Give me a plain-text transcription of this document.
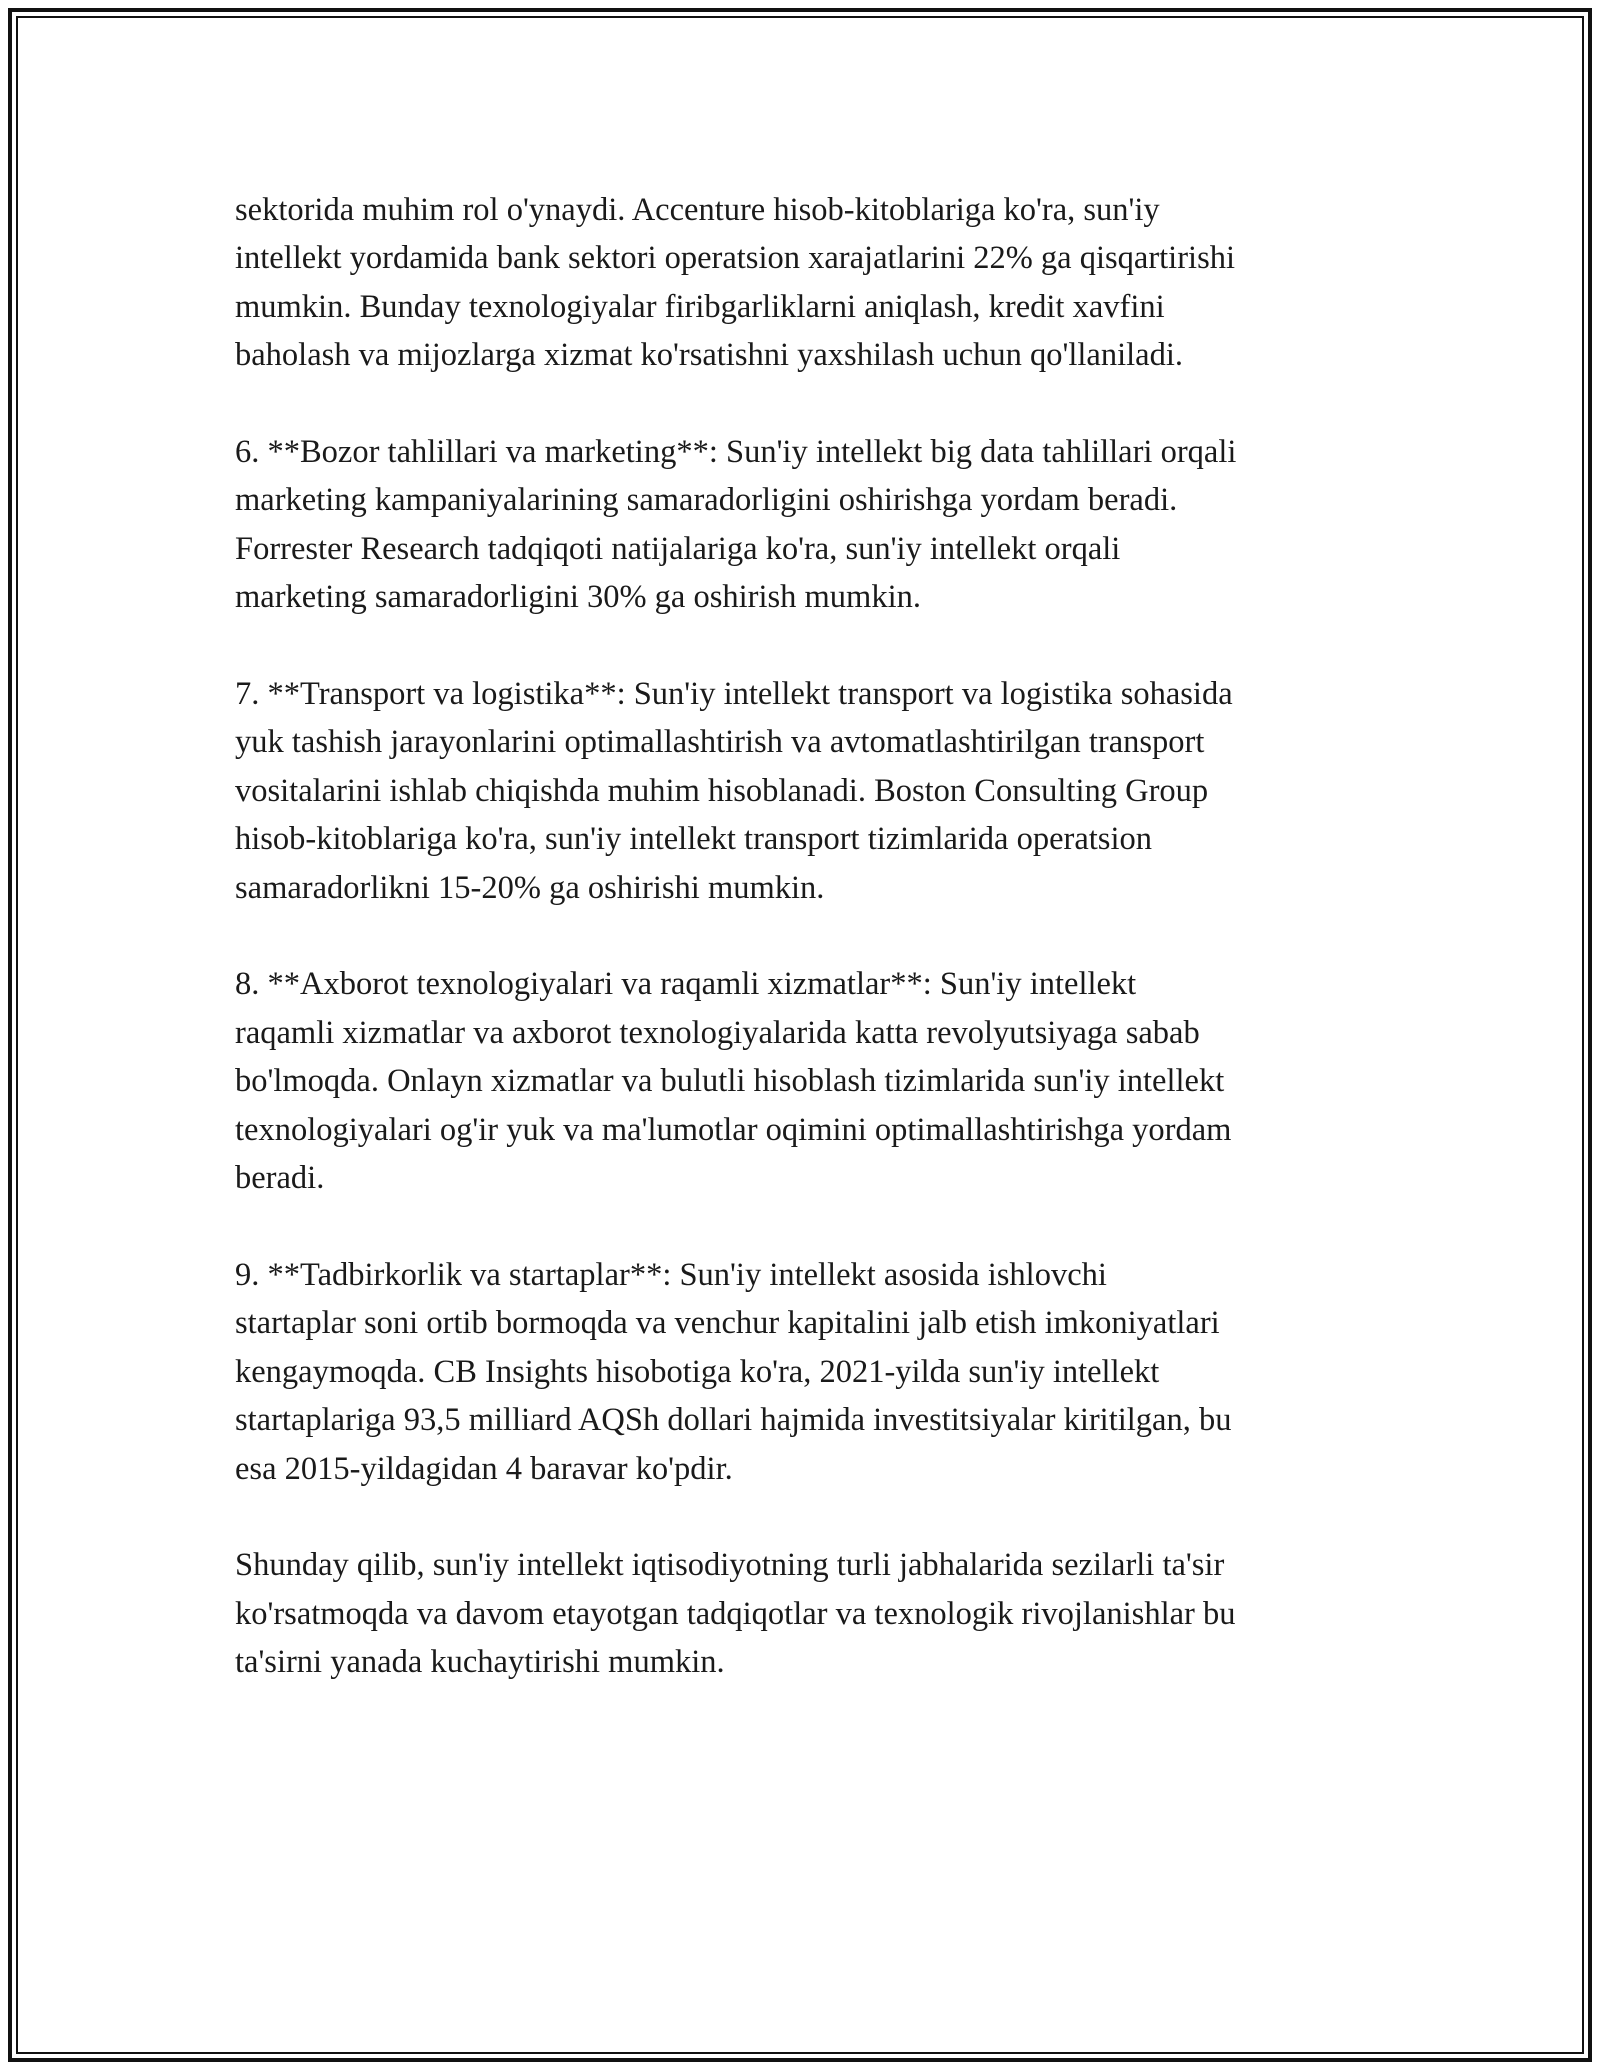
sektorida muhim rol o'ynaydi. Accenture hisob-kitoblariga ko'ra, sun'iy
intellekt yordamida bank sektori operatsion xarajatlarini 22% ga qisqartirishi
mumkin. Bunday texnologiyalar firibgarliklarni aniqlash, kredit xavfini
baholash va mijozlarga xizmat ko'rsatishni yaxshilash uchun qo'llaniladi.

6. **Bozor tahlillari va marketing**: Sun'iy intellekt big data tahlillari orqali
marketing kampaniyalarining samaradorligini oshirishga yordam beradi.
Forrester Research tadqiqoti natijalariga ko'ra, sun'iy intellekt orqali
marketing samaradorligini 30% ga oshirish mumkin.

7. **Transport va logistika**: Sun'iy intellekt transport va logistika sohasida
yuk tashish jarayonlarini optimallashtirish va avtomatlashtirilgan transport
vositalarini ishlab chiqishda muhim hisoblanadi. Boston Consulting Group
hisob-kitoblariga ko'ra, sun'iy intellekt transport tizimlarida operatsion
samaradorlikni 15-20% ga oshirishi mumkin.

8. **Axborot texnologiyalari va raqamli xizmatlar**: Sun'iy intellekt
raqamli xizmatlar va axborot texnologiyalarida katta revolyutsiyaga sabab
bo'lmoqda. Onlayn xizmatlar va bulutli hisoblash tizimlarida sun'iy intellekt
texnologiyalari og'ir yuk va ma'lumotlar oqimini optimallashtirishga yordam
beradi.

9. **Tadbirkorlik va startaplar**: Sun'iy intellekt asosida ishlovchi
startaplar soni ortib bormoqda va venchur kapitalini jalb etish imkoniyatlari
kengaymoqda. CB Insights hisobotiga ko'ra, 2021-yilda sun'iy intellekt
startaplariga 93,5 milliard AQSh dollari hajmida investitsiyalar kiritilgan, bu
esa 2015-yildagidan 4 baravar ko'pdir.

Shunday qilib, sun'iy intellekt iqtisodiyotning turli jabhalarida sezilarli ta'sir
ko'rsatmoqda va davom etayotgan tadqiqotlar va texnologik rivojlanishlar bu
ta'sirni yanada kuchaytirishi mumkin.
